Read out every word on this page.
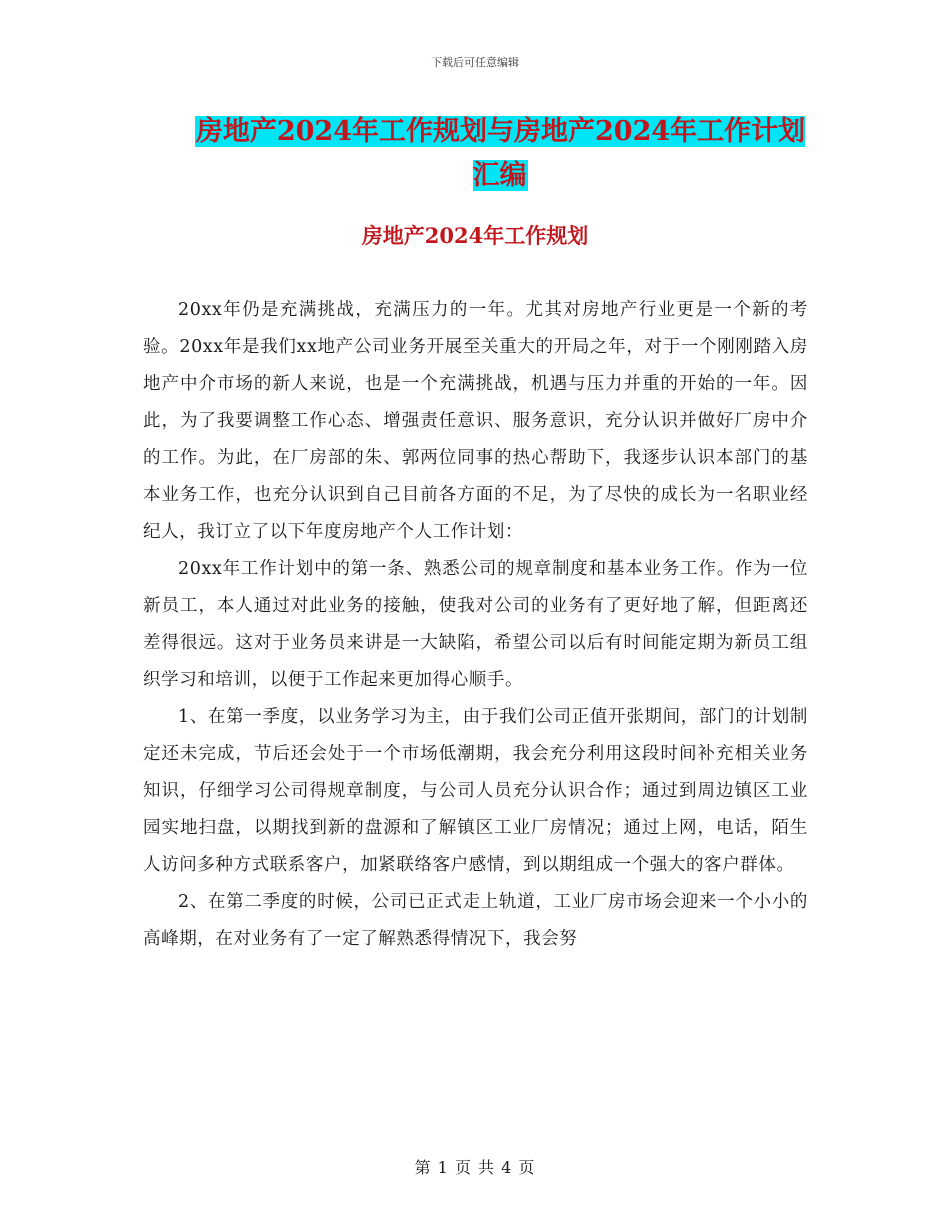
下载后可任意编辑
房地产2024年工作规划与房地产2024年工作计划汇编
房地产2024年工作规划

20xx年仍是充满挑战，充满压力的一年。尤其对房地产行业更是一个新的考验。20xx年是我们xx地产公司业务开展至关重大的开局之年，对于一个刚刚踏入房地产中介市场的新人来说，也是一个充满挑战，机遇与压力并重的开始的一年。因此，为了我要调整工作心态、增强责任意识、服务意识，充分认识并做好厂房中介的工作。为此，在厂房部的朱、郭两位同事的热心帮助下，我逐步认识本部门的基本业务工作，也充分认识到自己目前各方面的不足，为了尽快的成长为一名职业经纪人，我订立了以下年度房地产个人工作计划：

20xx年工作计划中的第一条、熟悉公司的规章制度和基本业务工作。作为一位新员工，本人通过对此业务的接触，使我对公司的业务有了更好地了解，但距离还差得很远。这对于业务员来讲是一大缺陷，希望公司以后有时间能定期为新员工组织学习和培训，以便于工作起来更加得心顺手。

1、在第一季度，以业务学习为主，由于我们公司正值开张期间，部门的计划制定还未完成，节后还会处于一个市场低潮期，我会充分利用这段时间补充相关业务知识，仔细学习公司得规章制度，与公司人员充分认识合作；通过到周边镇区工业园实地扫盘，以期找到新的盘源和了解镇区工业厂房情况；通过上网，电话，陌生人访问多种方式联系客户，加紧联络客户感情，到以期组成一个强大的客户群体。

2、在第二季度的时候，公司已正式走上轨道，工业厂房市场会迎来一个小小的高峰期，在对业务有了一定了解熟悉得情况下，我会努

第 1 页 共 4 页
